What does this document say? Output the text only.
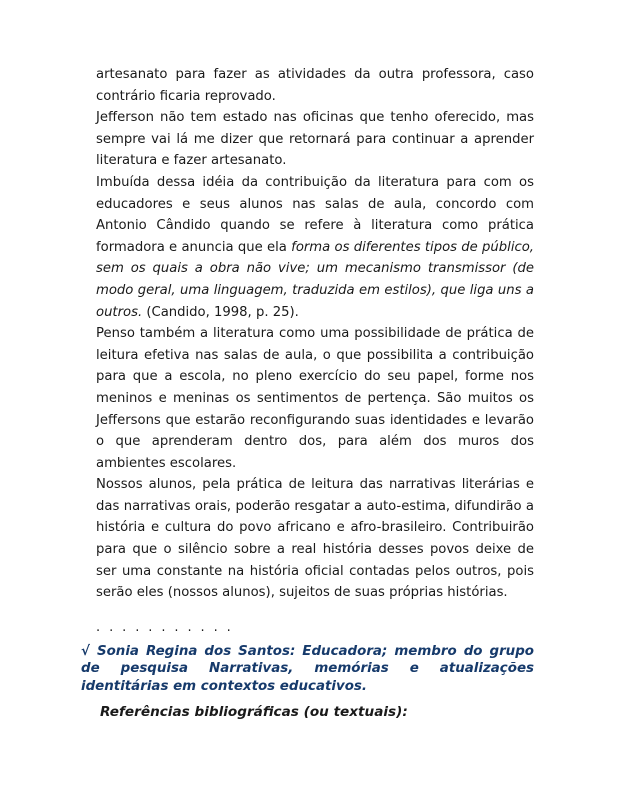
artesanato para fazer as atividades da outra professora, caso contrário ficaria reprovado.

Jefferson não tem estado nas oficinas que tenho oferecido, mas sempre vai lá me dizer que retornará para continuar a aprender literatura e fazer artesanato.

Imbuída dessa idéia da contribuição da literatura para com os educadores e seus alunos nas salas de aula, concordo com Antonio Cândido quando se refere à literatura como prática formadora e anuncia que ela forma os diferentes tipos de público, sem os quais a obra não vive; um mecanismo transmissor (de modo geral, uma linguagem, traduzida em estilos), que liga uns a outros. (Candido, 1998, p. 25).

Penso também a literatura como uma possibilidade de prática de leitura efetiva nas salas de aula, o que possibilita a contribuição para que a escola, no pleno exercício do seu papel, forme nos meninos e meninas os sentimentos de pertença. São muitos os Jeffersons que estarão reconfigurando suas identidades e levarão o que aprenderam dentro dos, para além dos muros dos ambientes escolares.

Nossos alunos, pela prática de leitura das narrativas literárias e das narrativas orais, poderão resgatar a auto-estima, difundirão a história e cultura do povo africano e afro-brasileiro. Contribuirão para que o silêncio sobre a real história desses povos deixe de ser uma constante na história oficial contadas pelos outros, pois serão eles (nossos alunos), sujeitos de suas próprias histórias.

. . . . . . . . . . .
√ Sonia Regina dos Santos: Educadora; membro do grupo de pesquisa Narrativas, memórias e atualizações identitárias em contextos educativos.
Referências bibliográficas (ou textuais):
